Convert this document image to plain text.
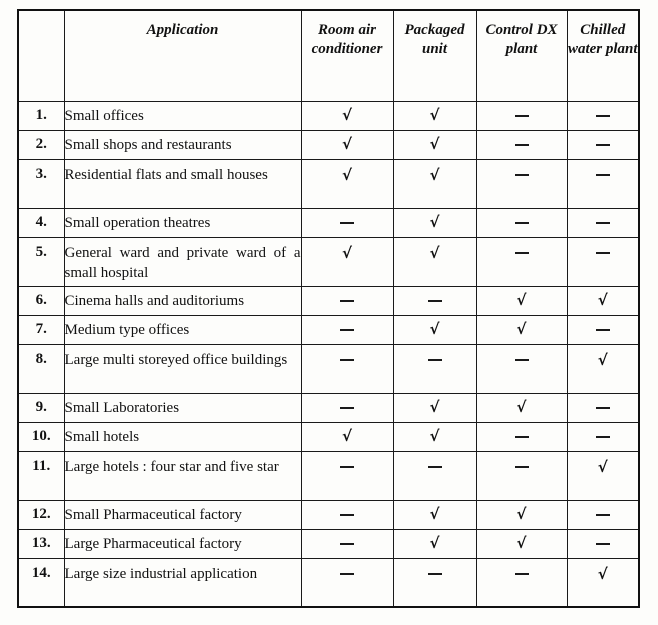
	Application	Room air conditioner	Packaged unit	Control DX plant	Chilled water plant
1.	Small offices	√	√		
2.	Small shops and restaurants	√	√		
3.	Residential flats and small houses	√	√		
4.	Small operation theatres		√		
5.	General ward and private ward of a small hospital	√	√		
6.	Cinema halls and auditoriums			√	√
7.	Medium type offices		√	√	
8.	Large multi storeyed office buildings				√
9.	Small Laboratories		√	√	
10.	Small hotels	√	√		
11.	Large hotels : four star and five star				√
12.	Small Pharmaceutical factory		√	√	
13.	Large Pharmaceutical factory		√	√	
14.	Large size industrial application				√
